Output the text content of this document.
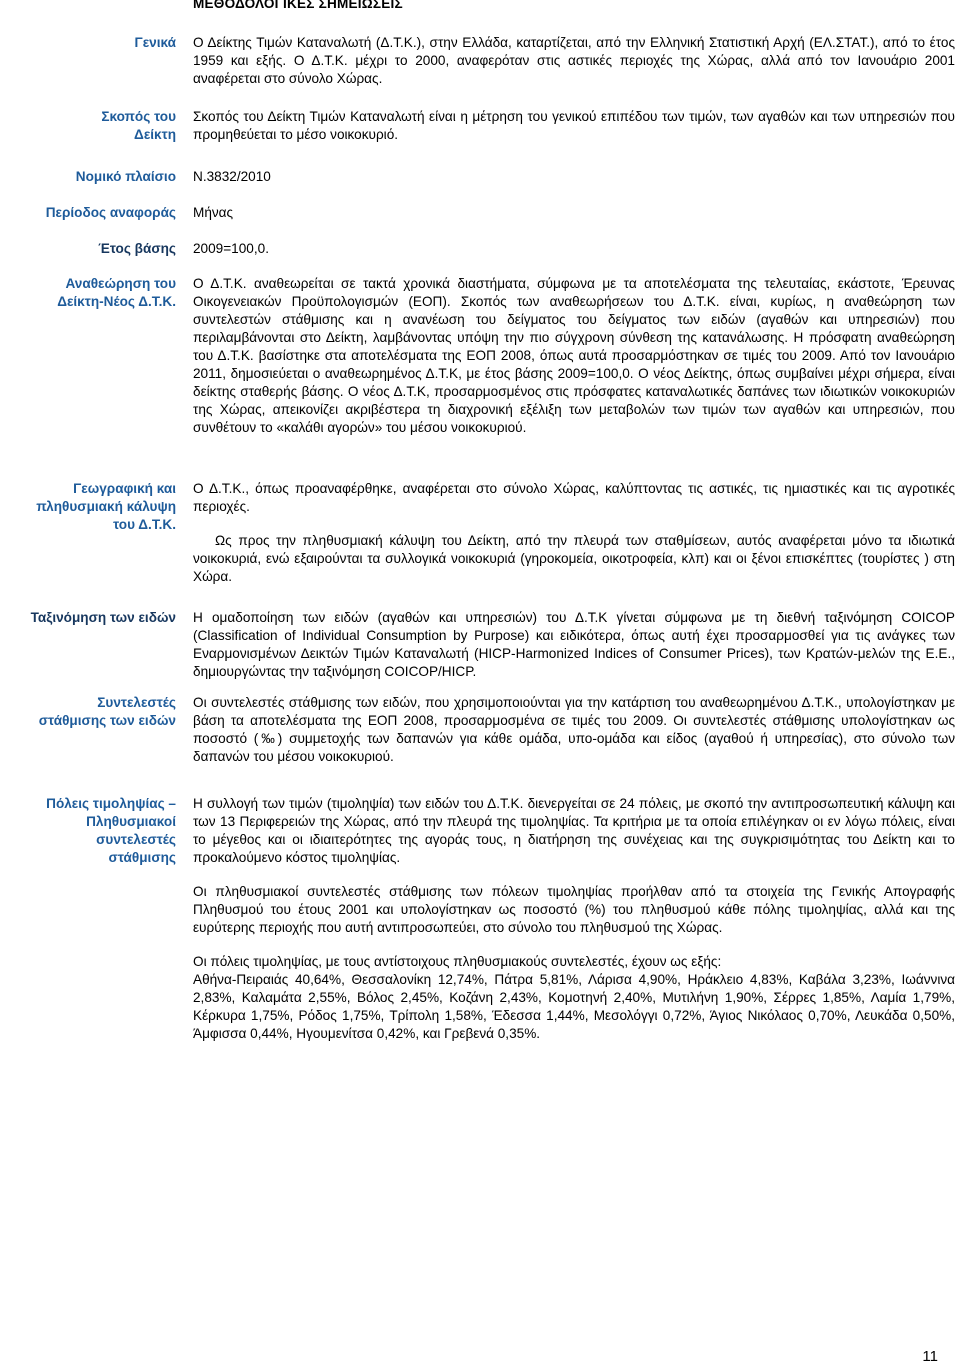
ΜΕΘΟΔΟΛΟΓΙΚΕΣ ΣΗΜΕΙΩΣΕΙΣ
Γενικά Ο Δείκτης Τιμών Καταναλωτή (Δ.Τ.Κ.), στην Ελλάδα, καταρτίζεται, από την Ελληνική Στατιστική Αρχή (ΕΛ.ΣΤΑΤ.), από το έτος 1959 και εξής. Ο Δ.Τ.Κ. μέχρι το 2000, αναφερόταν στις αστικές περιοχές της Χώρας, αλλά από τον Ιανουάριο 2001 αναφέρεται στο σύνολο Χώρας.
Σκοπός του
Δείκτη
Σκοπός του Δείκτη Τιμών Καταναλωτή είναι η μέτρηση του γενικού επιπέδου των τιμών, των αγαθών και των υπηρεσιών που προμηθεύεται το μέσο νοικοκυριό.
Νομικό πλαίσιο Ν.3832/2010
Περίοδος αναφοράς Μήνας
Έτος βάσης 2009=100,0.
Αναθεώρηση του
Δείκτη-Νέος Δ.Τ.Κ.
Ο Δ.Τ.Κ. αναθεωρείται σε τακτά χρονικά διαστήματα, σύμφωνα με τα αποτελέσματα της τελευταίας, εκάστοτε, Έρευνας Οικογενειακών Προϋπολογισμών (ΕΟΠ). Σκοπός των αναθεωρήσεων του Δ.Τ.Κ. είναι, κυρίως, η αναθεώρηση των συντελεστών στάθμισης και η ανανέωση του δείγματος του δείγματος των ειδών (αγαθών και υπηρεσιών) που περιλαμβάνονται στο Δείκτη, λαμβάνοντας υπόψη την πιο σύγχρονη σύνθεση της κατανάλωσης. Η πρόσφατη αναθεώρηση του Δ.Τ.Κ. βασίστηκε στα αποτελέσματα της ΕΟΠ 2008, όπως αυτά προσαρμόστηκαν σε τιμές του 2009. Από τον Ιανουάριο 2011, δημοσιεύεται ο αναθεωρημένος Δ.Τ.Κ, με έτος βάσης 2009=100,0. Ο νέος Δείκτης, όπως συμβαίνει μέχρι σήμερα, είναι δείκτης σταθερής βάσης. Ο νέος Δ.Τ.Κ, προσαρμοσμένος στις πρόσφατες καταναλωτικές δαπάνες των ιδιωτικών νοικοκυριών της Χώρας, απεικονίζει ακριβέστερα τη διαχρονική εξέλιξη των μεταβολών των τιμών των αγαθών και υπηρεσιών, που συνθέτουν το «καλάθι αγορών» του μέσου νοικοκυριού.
Γεωγραφική και
πληθυσμιακή κάλυψη
του Δ.Τ.Κ.

Ο Δ.Τ.Κ., όπως προαναφέρθηκε, αναφέρεται στο σύνολο Χώρας, καλύπτοντας τις αστικές, τις ημιαστικές και τις αγροτικές περιοχές.

Ως προς την πληθυσμιακή κάλυψη του Δείκτη, από την πλευρά των σταθμίσεων, αυτός αναφέρεται μόνο τα ιδιωτικά νοικοκυριά, ενώ εξαιρούνται τα συλλογικά νοικοκυριά (γηροκομεία, οικοτροφεία, κλπ) και οι ξένοι επισκέπτες (τουρίστες ) στη Χώρα.

Ταξινόμηση των ειδών Η ομαδοποίηση των ειδών (αγαθών και υπηρεσιών) του Δ.Τ.Κ γίνεται σύμφωνα με τη διεθνή ταξινόμηση COICOP (Classification of Individual Consumption by Purpose) και ειδικότερα, όπως αυτή έχει προσαρμοσθεί για τις ανάγκες των Εναρμονισμένων Δεικτών Τιμών Καταναλωτή (HICP-Harmonized Indices of Consumer Prices), των Κρατών-μελών της Ε.Ε., δημιουργώντας την ταξινόμηση COICOP/HICP.
Συντελεστές
στάθμισης των ειδών
Οι συντελεστές στάθμισης των ειδών, που χρησιμοποιούνται για την κατάρτιση του αναθεωρημένου Δ.Τ.Κ., υπολογίστηκαν με βάση τα αποτελέσματα της ΕΟΠ 2008, προσαρμοσμένα σε τιμές του 2009. Οι συντελεστές στάθμισης υπολογίστηκαν ως ποσοστό (‰) συμμετοχής των δαπανών για κάθε ομάδα, υπο-ομάδα και είδος (αγαθού ή υπηρεσίας), στο σύνολο των δαπανών του μέσου νοικοκυριού.
Πόλεις τιμοληψίας –
Πληθυσμιακοί
συντελεστές
στάθμισης

Η συλλογή των τιμών (τιμοληψία) των ειδών του Δ.Τ.Κ. διενεργείται σε 24 πόλεις, με σκοπό την αντιπροσωπευτική κάλυψη και των 13 Περιφερειών της Χώρας, από την πλευρά της τιμοληψίας. Τα κριτήρια με τα οποία επιλέγηκαν οι εν λόγω πόλεις, είναι το μέγεθος και οι ιδιαιτερότητες της αγοράς τους, η διατήρηση της συνέχειας και της συγκρισιμότητας του Δείκτη και το προκαλούμενο κόστος τιμοληψίας.

Οι πληθυσμιακοί συντελεστές στάθμισης των πόλεων τιμοληψίας προήλθαν από τα στοιχεία της Γενικής Απογραφής Πληθυσμού του έτους 2001 και υπολογίστηκαν ως ποσοστό (%) του πληθυσμού κάθε πόλης τιμοληψίας, αλλά και της ευρύτερης περιοχής που αυτή αντιπροσωπεύει, στο σύνολο του πληθυσμού της Χώρας.

Οι πόλεις τιμοληψίας, με τους αντίστοιχους πληθυσμιακούς συντελεστές, έχουν ως εξής:

Αθήνα-Πειραιάς 40,64%, Θεσσαλονίκη 12,74%, Πάτρα 5,81%, Λάρισα 4,90%, Ηράκλειο 4,83%, Καβάλα 3,23%, Ιωάννινα 2,83%, Καλαμάτα 2,55%, Βόλος 2,45%, Κοζάνη 2,43%, Κομοτηνή 2,40%, Μυτιλήνη 1,90%, Σέρρες 1,85%, Λαμία 1,79%, Κέρκυρα 1,75%, Ρόδος 1,75%, Τρίπολη 1,58%, Έδεσσα 1,44%, Μεσολόγγι 0,72%, Άγιος Νικόλαος 0,70%, Λευκάδα 0,50%, Άμφισσα 0,44%, Ηγουμενίτσα 0,42%, και Γρεβενά 0,35%.

11
